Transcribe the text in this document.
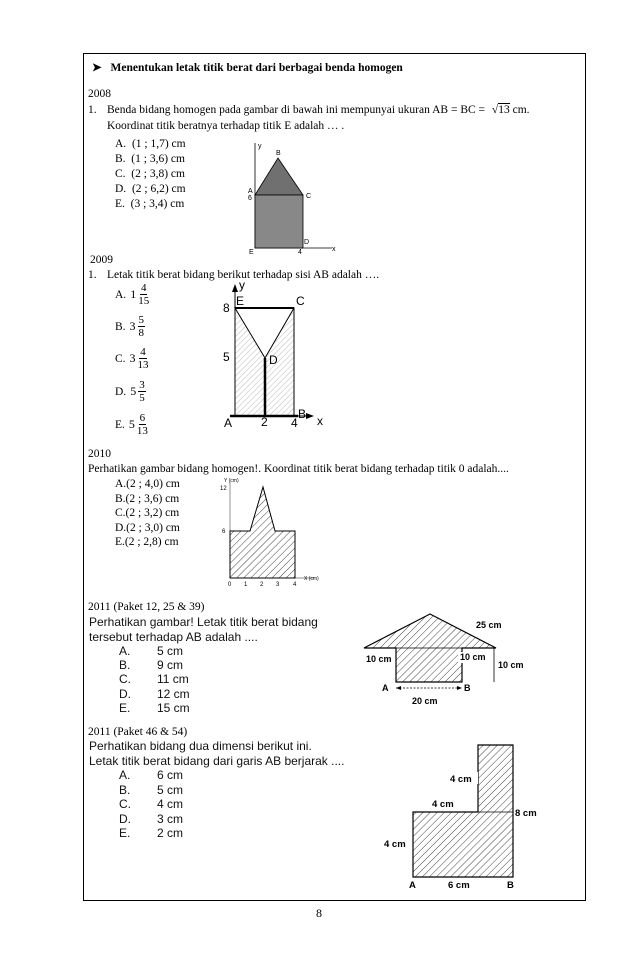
➤ Menentukan letak titik berat dari berbagai benda homogen
2008
1. Benda bidang homogen pada gambar di bawah ini mempunyai ukuran AB = BC = √13 cm.
Koordinat titik beratnya terhadap titik E adalah … .
A. (1 ; 1,7) cm
B. (1 ; 3,6) cm
C. (2 ; 3,8) cm
D. (2 ; 6,2) cm
E. (3 ; 3,4) cm
y
x
B
A
6	C
D
E	4
2009
1. Letak titik berat bidang berikut terhadap sisi AB adalah ….
A. $1 \frac{4}{15}$
B. $3 \frac{5}{8}$
C. $3 \frac{4}{13}$
D. $5 \frac{3}{5}$
E. $5 \frac{6}{13}$
y
8 E	C
5	D
A 2 4
B x
2010
Perhatikan gambar bidang homogen!. Koordinat titik berat bidang terhadap titik 0 adalah....
A.(2 ; 4,0) cm
B.(2 ; 3,6) cm
C.(2 ; 3,2) cm
D.(2 ; 3,0) cm
E.(2 ; 2,8) cm
Y (cm)
12
6
0 1 2 3 4
X (cm)
2011 (Paket 12, 25 & 39)
Perhatikan gambar! Letak titik berat bidang
tersebut terhadap AB adalah ....
A. 5 cm
B. 9 cm
C. 11 cm
D. 12 cm
E. 15 cm
25 cm
10 cm	10 cm
10 cm
A	B
20 cm
2011 (Paket 46 & 54)
Perhatikan bidang dua dimensi berikut ini.
Letak titik berat bidang dari garis AB berjarak ....
A. 6 cm
B. 5 cm
C. 4 cm
D. 3 cm
E. 2 cm
4 cm
4 cm
8 cm
4 cm
A	6 cm	B
8
